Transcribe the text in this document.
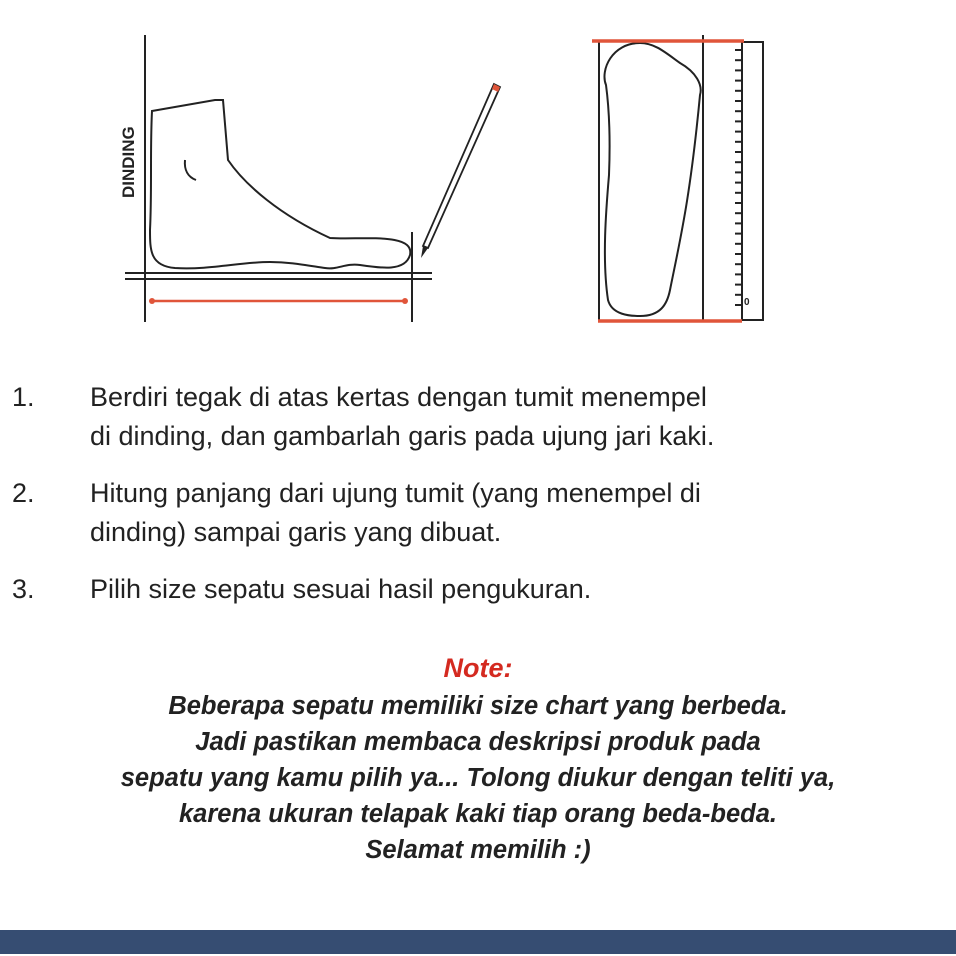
DINDING
0
1. Berdiri tegak di atas kertas dengan tumit menempel
di dinding, dan gambarlah garis pada ujung jari kaki.
2. Hitung panjang dari ujung tumit (yang menempel di
dinding) sampai garis yang dibuat.
3. Pilih size sepatu sesuai hasil pengukuran.
Note:
Beberapa sepatu memiliki size chart yang berbeda.
Jadi pastikan membaca deskripsi produk pada
sepatu yang kamu pilih ya... Tolong diukur dengan teliti ya,
karena ukuran telapak kaki tiap orang beda-beda.
Selamat memilih :)
